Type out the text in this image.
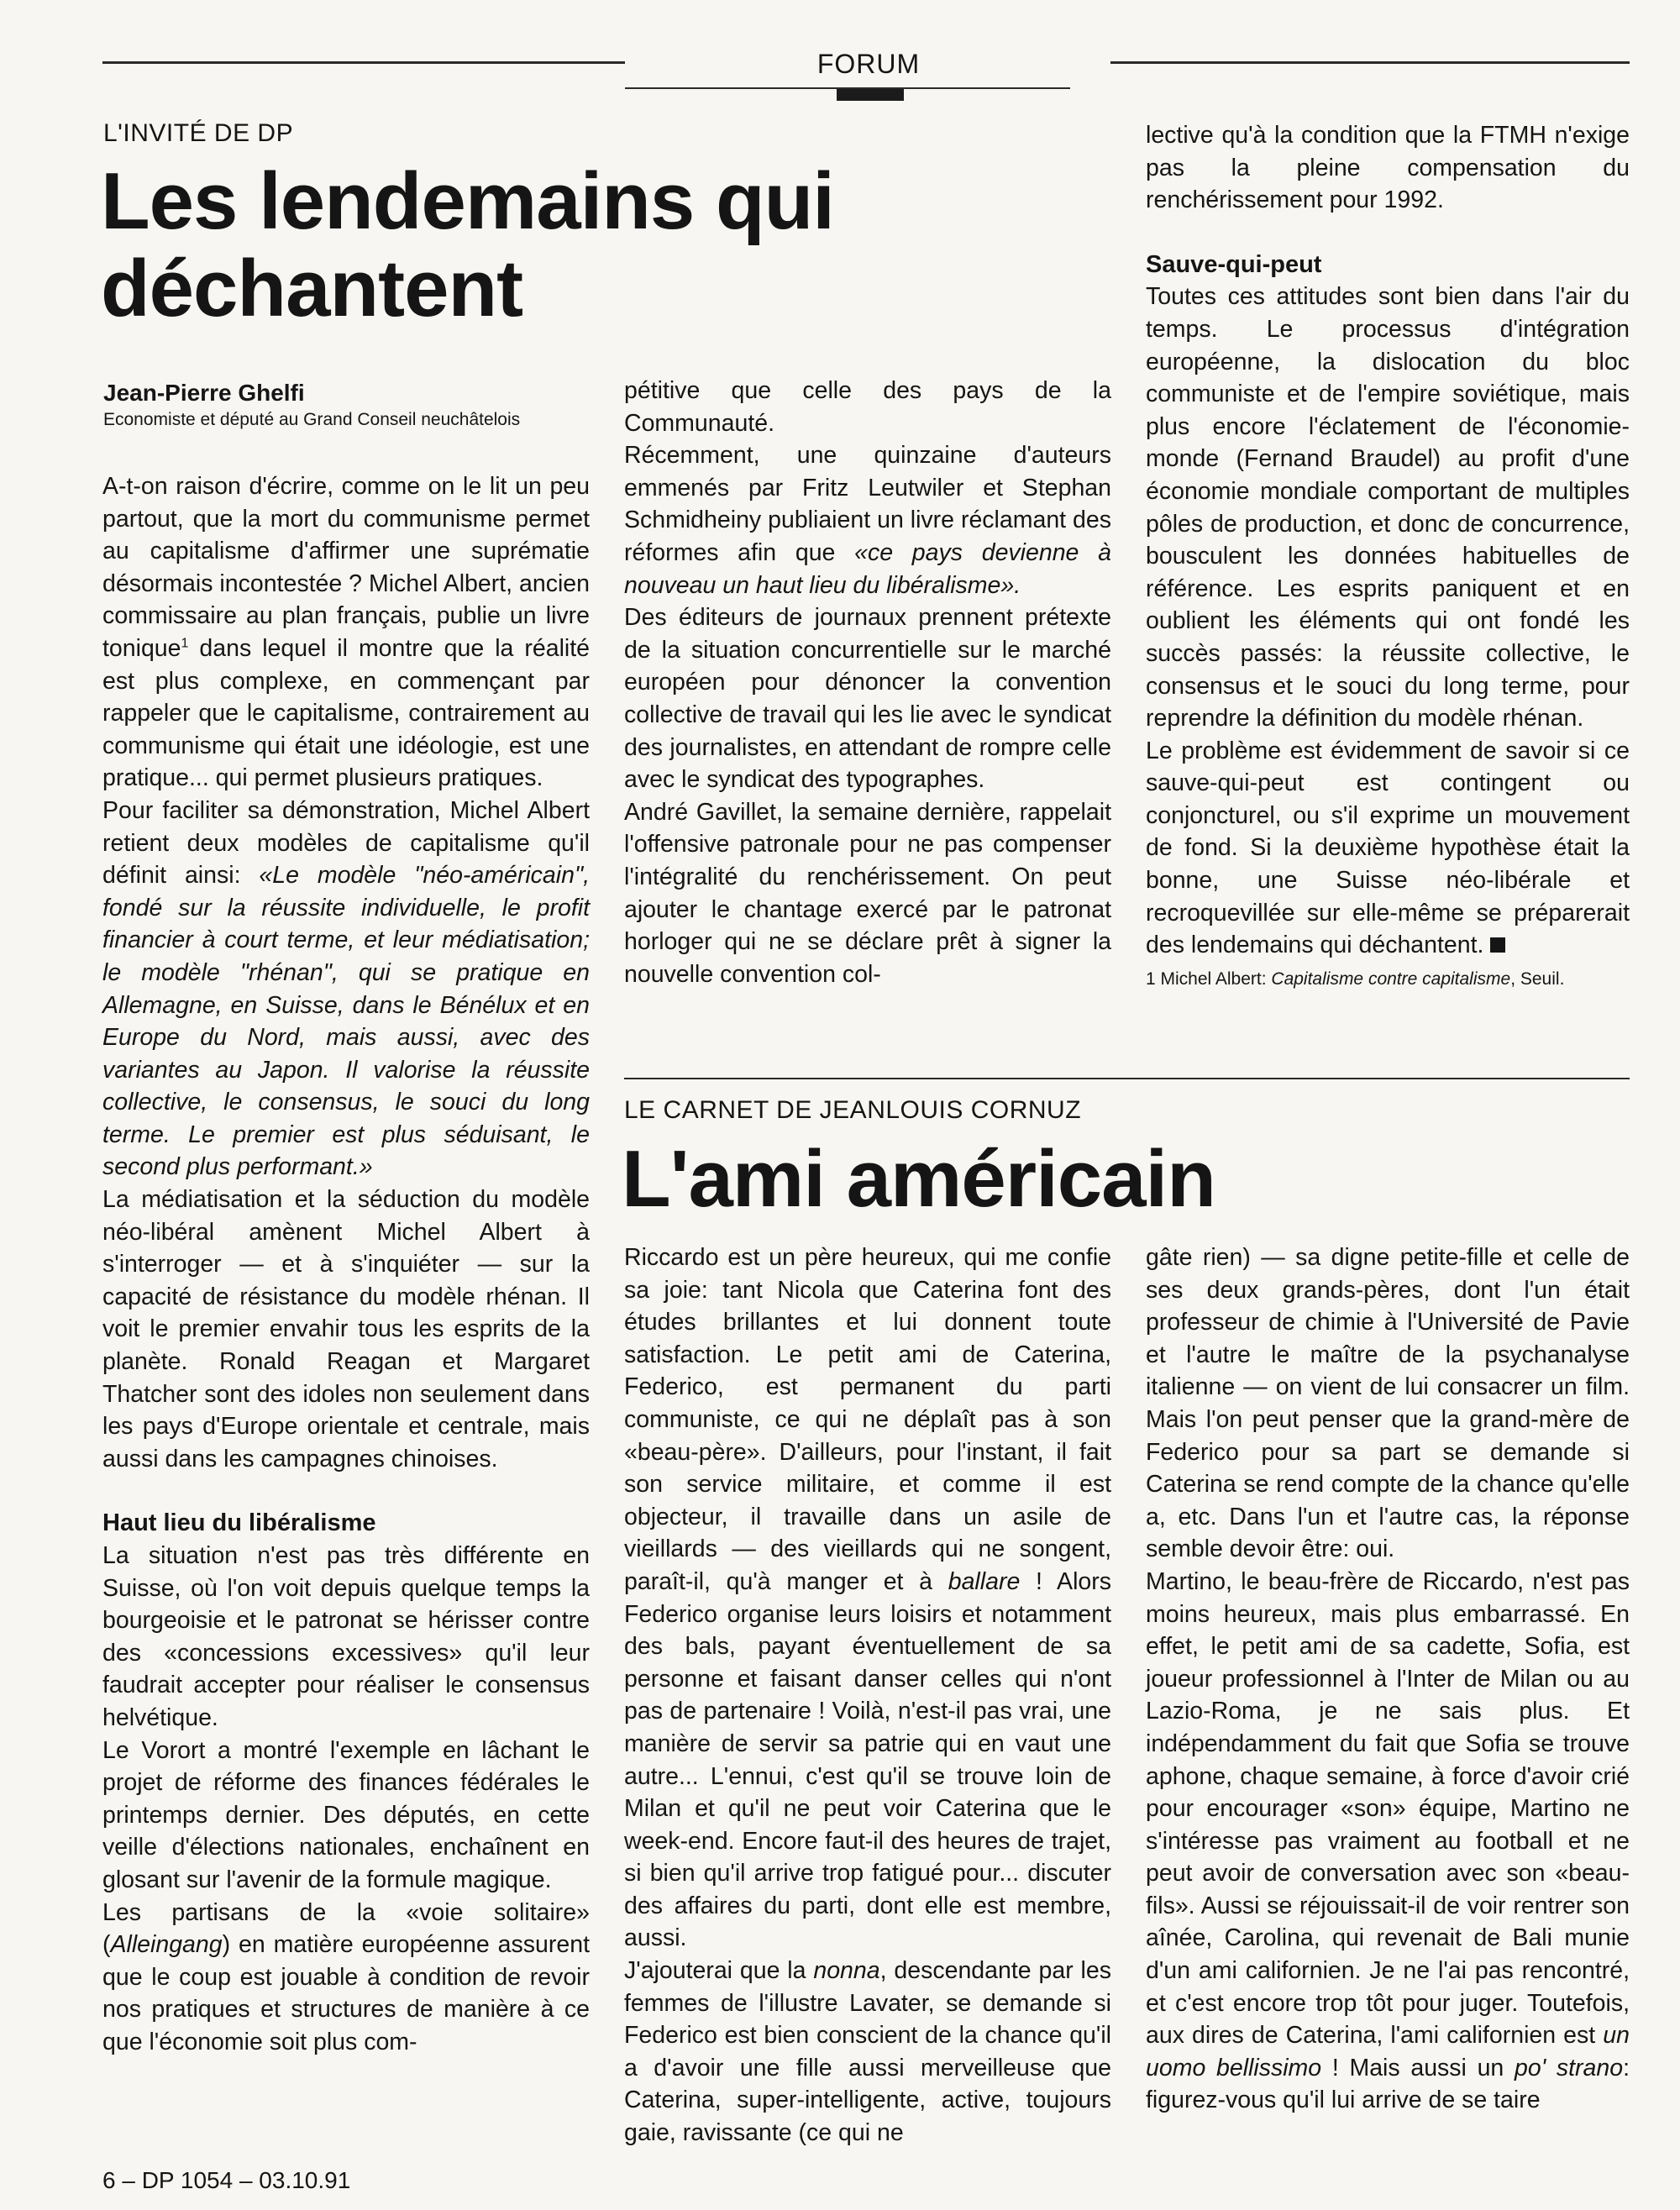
FORUM
L'INVITÉ DE DP
Les lendemains qui
déchantent
Jean-Pierre Ghelfi
Economiste et député au Grand Conseil neuchâtelois

A-t-on raison d'écrire, comme on le lit un peu partout, que la mort du communisme permet au capitalisme d'affirmer une suprématie désormais incontestée ? Michel Albert, ancien commissaire au plan français, publie un livre tonique$^1$ dans lequel il montre que la réalité est plus complexe, en commençant par rappeler que le capitalisme, contrairement au communisme qui était une idéologie, est une pratique... qui permet plusieurs pratiques.

Pour faciliter sa démonstration, Michel Albert retient deux modèles de capitalisme qu'il définit ainsi: «Le modèle "néo-américain", fondé sur la réussite individuelle, le profit financier à court terme, et leur médiatisation; le modèle "rhénan", qui se pratique en Allemagne, en Suisse, dans le Bénélux et en Europe du Nord, mais aussi, avec des variantes au Japon. Il valorise la réussite collective, le consensus, le souci du long terme. Le premier est plus séduisant, le second plus performant.»

La médiatisation et la séduction du modèle néo-libéral amènent Michel Albert à s'interroger — et à s'inquiéter — sur la capacité de résistance du modèle rhénan. Il voit le premier envahir tous les esprits de la planète. Ronald Reagan et Margaret Thatcher sont des idoles non seulement dans les pays d'Europe orientale et centrale, mais aussi dans les campagnes chinoises.

Haut lieu du libéralisme

La situation n'est pas très différente en Suisse, où l'on voit depuis quelque temps la bourgeoisie et le patronat se hérisser contre des «concessions excessives» qu'il leur faudrait accepter pour réaliser le consensus helvétique.

Le Vorort a montré l'exemple en lâchant le projet de réforme des finances fédérales le printemps dernier. Des députés, en cette veille d'élections nationales, enchaînent en glosant sur l'avenir de la formule magique.

Les partisans de la «voie solitaire» (Alleingang) en matière européenne assurent que le coup est jouable à condition de revoir nos pratiques et structures de manière à ce que l'économie soit plus com-

pétitive que celle des pays de la Communauté.

Récemment, une quinzaine d'auteurs emmenés par Fritz Leutwiler et Stephan Schmidheiny publiaient un livre réclamant des réformes afin que «ce pays devienne à nouveau un haut lieu du libéralisme».

Des éditeurs de journaux prennent prétexte de la situation concurrentielle sur le marché européen pour dénoncer la convention collective de travail qui les lie avec le syndicat des journalistes, en attendant de rompre celle avec le syndicat des typographes.

André Gavillet, la semaine dernière, rappelait l'offensive patronale pour ne pas compenser l'intégralité du renchérissement. On peut ajouter le chantage exercé par le patronat horloger qui ne se déclare prêt à signer la nouvelle convention col-

lective qu'à la condition que la FTMH n'exige pas la pleine compensation du renchérissement pour 1992.

Sauve-qui-peut

Toutes ces attitudes sont bien dans l'air du temps. Le processus d'intégration européenne, la dislocation du bloc communiste et de l'empire soviétique, mais plus encore l'éclatement de l'économie-monde (Fernand Braudel) au profit d'une économie mondiale comportant de multiples pôles de production, et donc de concurrence, bousculent les données habituelles de référence. Les esprits paniquent et en oublient les éléments qui ont fondé les succès passés: la réussite collective, le consensus et le souci du long terme, pour reprendre la définition du modèle rhénan.

Le problème est évidemment de savoir si ce sauve-qui-peut est contingent ou conjoncturel, ou s'il exprime un mouvement de fond. Si la deuxième hypothèse était la bonne, une Suisse néo-libérale et recroquevillée sur elle-même se préparerait des lendemains qui déchantent.

1 Michel Albert: Capitalisme contre capitalisme, Seuil.

LE CARNET DE JEANLOUIS CORNUZ
L'ami américain

Riccardo est un père heureux, qui me confie sa joie: tant Nicola que Caterina font des études brillantes et lui donnent toute satisfaction. Le petit ami de Caterina, Federico, est permanent du parti communiste, ce qui ne déplaît pas à son «beau-père». D'ailleurs, pour l'instant, il fait son service militaire, et comme il est objecteur, il travaille dans un asile de vieillards — des vieillards qui ne songent, paraît-il, qu'à manger et à ballare ! Alors Federico organise leurs loisirs et notamment des bals, payant éventuellement de sa personne et faisant danser celles qui n'ont pas de partenaire ! Voilà, n'est-il pas vrai, une manière de servir sa patrie qui en vaut une autre... L'ennui, c'est qu'il se trouve loin de Milan et qu'il ne peut voir Caterina que le week-end. Encore faut-il des heures de trajet, si bien qu'il arrive trop fatigué pour... discuter des affaires du parti, dont elle est membre, aussi.

J'ajouterai que la nonna, descendante par les femmes de l'illustre Lavater, se demande si Federico est bien conscient de la chance qu'il a d'avoir une fille aussi merveilleuse que Caterina, super-intelligente, active, toujours gaie, ravissante (ce qui ne

gâte rien) — sa digne petite-fille et celle de ses deux grands-pères, dont l'un était professeur de chimie à l'Université de Pavie et l'autre le maître de la psychanalyse italienne — on vient de lui consacrer un film. Mais l'on peut penser que la grand-mère de Federico pour sa part se demande si Caterina se rend compte de la chance qu'elle a, etc. Dans l'un et l'autre cas, la réponse semble devoir être: oui.

Martino, le beau-frère de Riccardo, n'est pas moins heureux, mais plus embarrassé. En effet, le petit ami de sa cadette, Sofia, est joueur professionnel à l'Inter de Milan ou au Lazio-Roma, je ne sais plus. Et indépendamment du fait que Sofia se trouve aphone, chaque semaine, à force d'avoir crié pour encourager «son» équipe, Martino ne s'intéresse pas vraiment au football et ne peut avoir de conversation avec son «beau-fils». Aussi se réjouissait-il de voir rentrer son aînée, Carolina, qui revenait de Bali munie d'un ami californien. Je ne l'ai pas rencontré, et c'est encore trop tôt pour juger. Toutefois, aux dires de Caterina, l'ami californien est un uomo bellissimo ! Mais aussi un po' strano: figurez-vous qu'il lui arrive de se taire

6 – DP 1054 – 03.10.91
